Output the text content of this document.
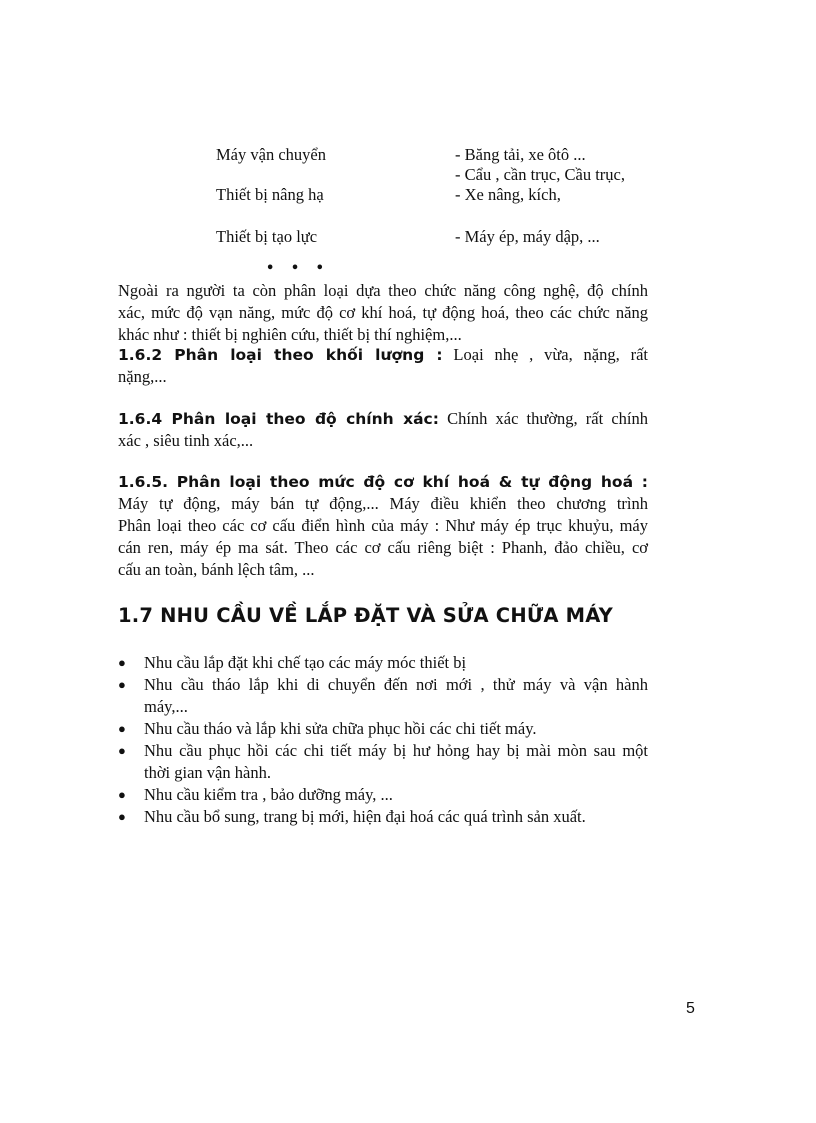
Máy vận chuyển	- Băng tải, xe ôtô ...
- Cẩu , cần trục, Cầu trục,
Thiết bị nâng hạ	- Xe nâng, kích,
Thiết bị tạo lực	- Máy ép, máy dập, ...
• • •
Ngoài ra người ta còn phân loại dựa theo chức năng công nghệ, độ chính
xác, mức độ vạn năng, mức độ cơ khí hoá, tự động hoá, theo các chức năng
khác như : thiết bị nghiên cứu, thiết bị thí nghiệm,...
1.6.2 Phân loại theo khối lượng : Loại nhẹ , vừa, nặng, rất
nặng,...
1.6.4 Phân loại theo độ chính xác: Chính xác thường, rất chính
xác , siêu tinh xác,...
1.6.5. Phân loại theo mức độ cơ khí hoá & tự động hoá :
Máy tự động, máy bán tự động,... Máy điều khiển theo chương trình
Phân loại theo các cơ cấu điển hình của máy : Như máy ép trục khuỷu, máy
cán ren, máy ép ma sát. Theo các cơ cấu riêng biệt : Phanh, đảo chiều, cơ
cấu an toàn, bánh lệch tâm, ...
1.7 NHU CẦU VỀ LẮP ĐẶT VÀ SỬA CHỮA MÁY
● Nhu cầu lắp đặt khi chế tạo các máy móc thiết bị
● Nhu cầu tháo lắp khi di chuyển đến nơi mới , thử máy và vận hành
máy,...
● Nhu cầu tháo và lắp khi sửa chữa phục hồi các chi tiết máy.
● Nhu cầu phục hồi các chi tiết máy bị hư hỏng hay bị mài mòn sau một
thời gian vận hành.
● Nhu cầu kiểm tra , bảo dưỡng máy, ...
● Nhu cầu bổ sung, trang bị mới, hiện đại hoá các quá trình sản xuất.
5
